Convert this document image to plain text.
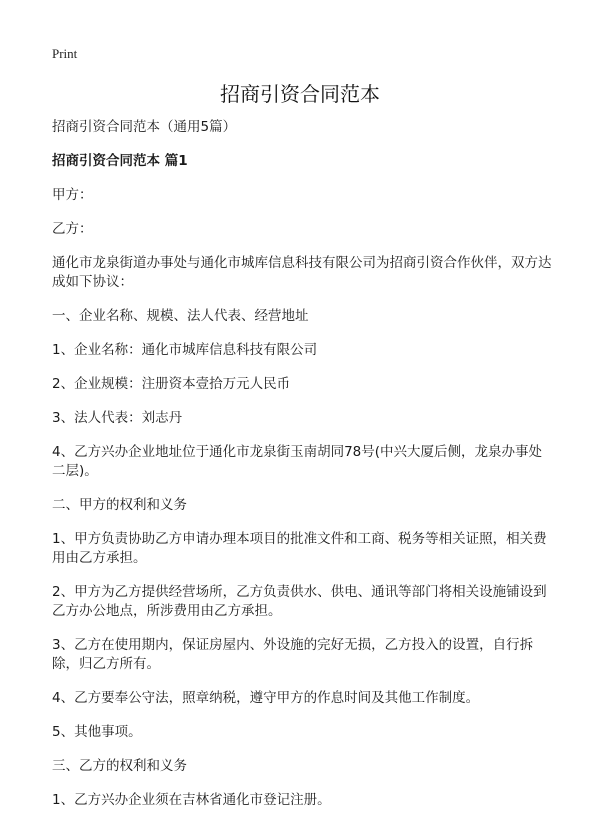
Print
招商引资合同范本

招商引资合同范本（通用5篇）

招商引资合同范本 篇1

甲方：

乙方：

通化市龙泉街道办事处与通化市城库信息科技有限公司为招商引资合作伙伴，双方达成如下协议：

一、企业名称、规模、法人代表、经营地址

1、企业名称：通化市城库信息科技有限公司

2、企业规模：注册资本壹拾万元人民币

3、法人代表：刘志丹

4、乙方兴办企业地址位于通化市龙泉街玉南胡同78号(中兴大厦后侧，龙泉办事处二层)。

二、甲方的权利和义务

1、甲方负责协助乙方申请办理本项目的批准文件和工商、税务等相关证照，相关费用由乙方承担。

2、甲方为乙方提供经营场所，乙方负责供水、供电、通讯等部门将相关设施铺设到乙方办公地点，所涉费用由乙方承担。

3、乙方在使用期内，保证房屋内、外设施的完好无损，乙方投入的设置，自行拆除，归乙方所有。

4、乙方要奉公守法，照章纳税，遵守甲方的作息时间及其他工作制度。

5、其他事项。

三、乙方的权利和义务

1、乙方兴办企业须在吉林省通化市登记注册。
